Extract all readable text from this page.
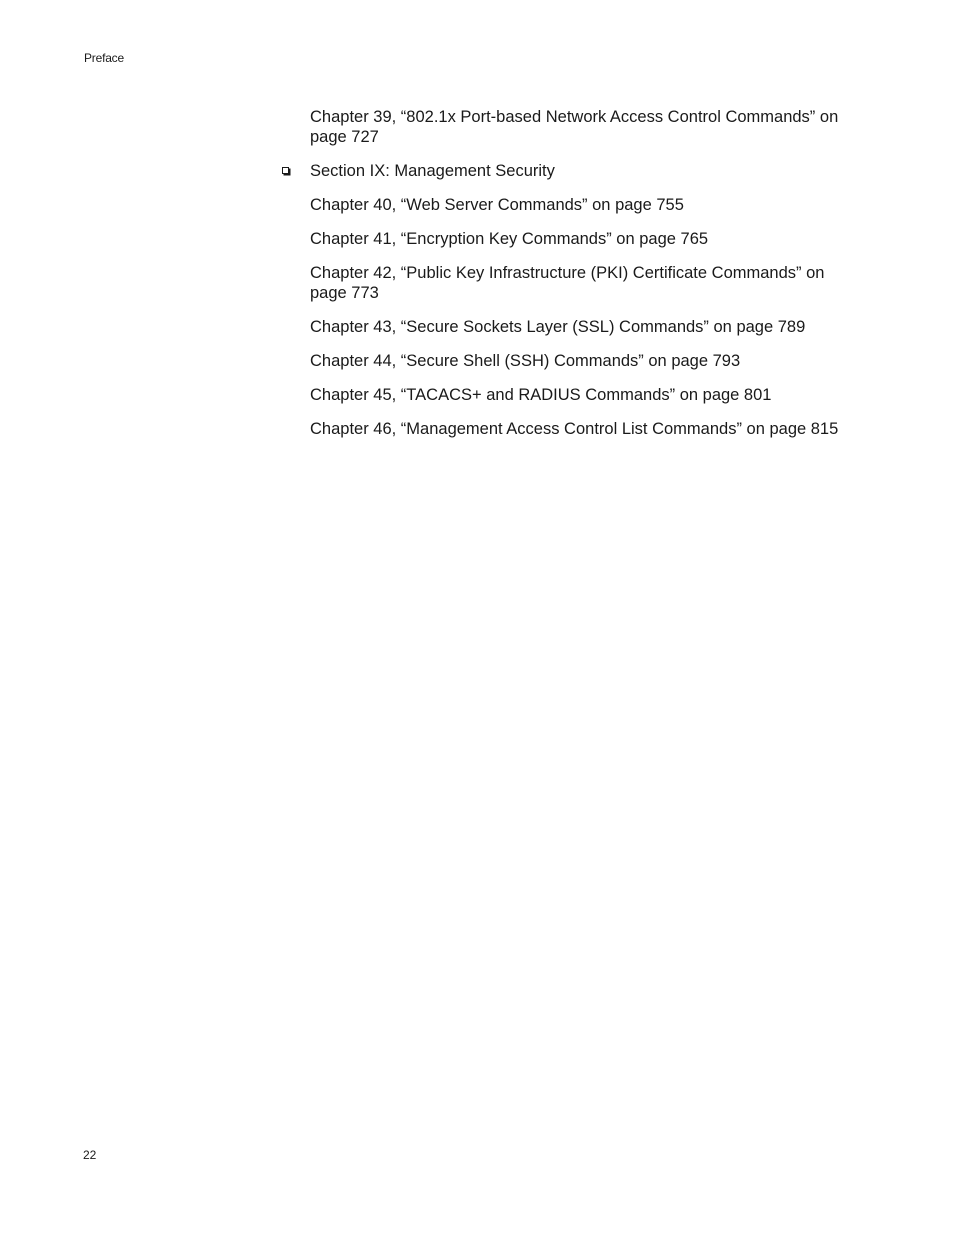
Preface
Chapter 39, “802.1x Port-based Network Access Control Commands” on page 727
Section IX: Management Security
Chapter 40, “Web Server Commands” on page 755
Chapter 41, “Encryption Key Commands” on page 765
Chapter 42, “Public Key Infrastructure (PKI) Certificate Commands” on page 773
Chapter 43, “Secure Sockets Layer (SSL) Commands” on page 789
Chapter 44, “Secure Shell (SSH) Commands” on page 793
Chapter 45, “TACACS+ and RADIUS Commands” on page 801
Chapter 46, “Management Access Control List Commands” on page 815
22
